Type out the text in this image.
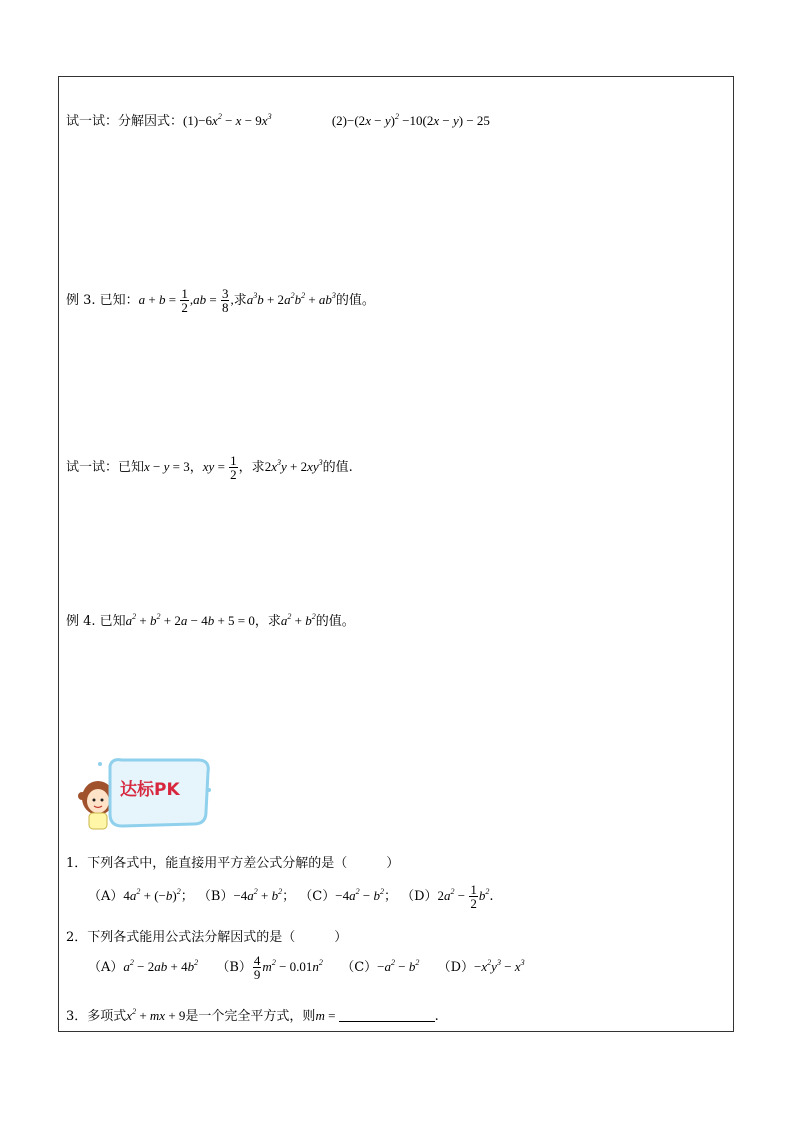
试一试：分解因式：$(1)-6x^2 - x - 9x^3$	$(2)-(2x - y)^2 -10(2x - y) - 25$
例 3. 已知：$a + b = \frac{1}{2} ,ab = \frac{3}{8}$ ,求$a^3b + 2a^2b^2 + ab^3$的值。
试一试：已知x − y = 3，xy = $\frac{1}{2}$ ，求$2x^3y + 2xy^3$的值.
例 4. 已知$a^2 + b^2 + 2a - 4b + 5 = 0$，求$a^2 + b^2$的值。
达标PK
1．下列各式中，能直接用平方差公式分解的是（　　　）
$(A)4a^2 + (-b)^2$； $(B)-4a^2 + b^2$； $(C)-4a^2 - b^2$； $(D)2a^2 - \frac{1}{2} b^2$.
2．下列各式能用公式法分解因式的是（　　　）
$(A)a^2 - 2ab + 4b^2$ $(B) \frac{4}{9} m^2 - 0.01n^2$ $(C)-a^2 - b^2$ $(D)-x^2y^3 - x^3$
3．多项式$x^2$ + mx + 9是一个完全平方式，则m =	.
